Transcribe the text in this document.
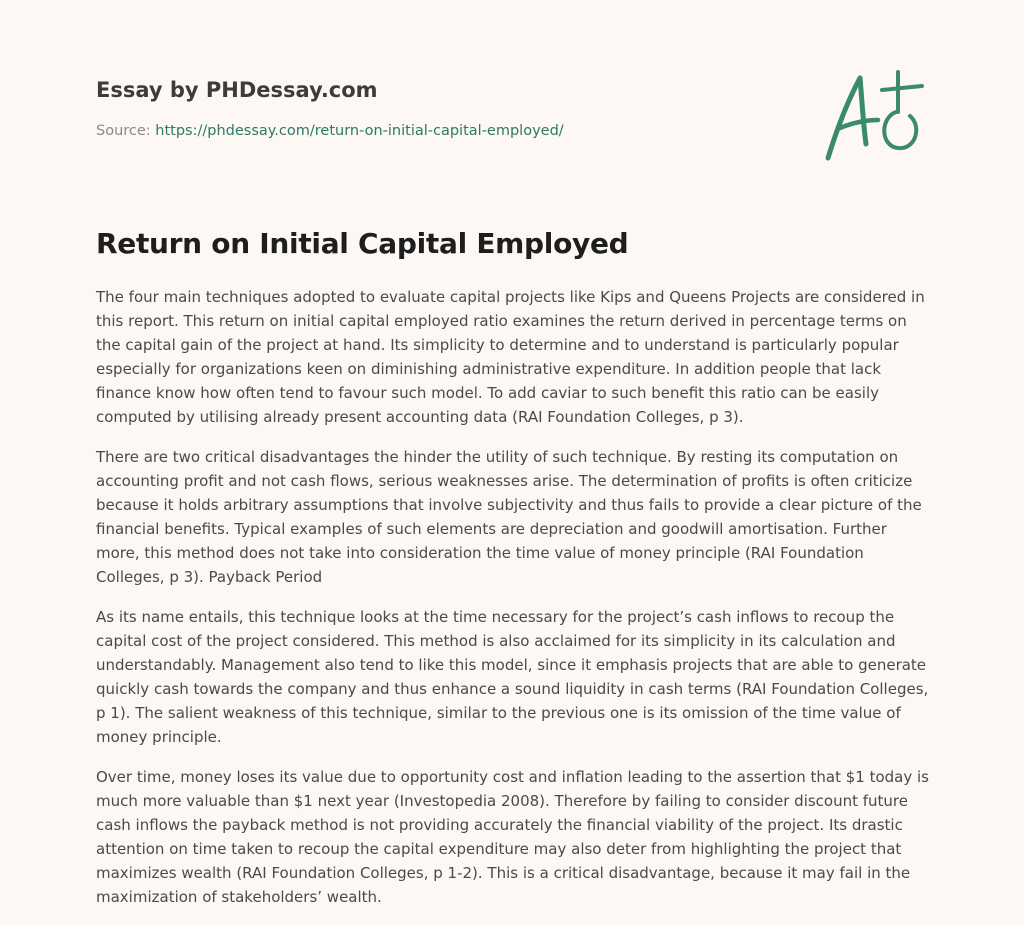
Essay by PHDessay.com
Source: https://phdessay.com/return-on-initial-capital-employed/
Return on Initial Capital Employed

The four main techniques adopted to evaluate capital projects like Kips and Queens Projects are considered in this report. This return on initial capital employed ratio examines the return derived in percentage terms on the capital gain of the project at hand. Its simplicity to determine and to understand is particularly popular especially for organizations keen on diminishing administrative expenditure. In addition people that lack finance know how often tend to favour such model. To add caviar to such benefit this ratio can be easily computed by utilising already present accounting data (RAI Foundation Colleges, p 3).

There are two critical disadvantages the hinder the utility of such technique. By resting its computation on accounting profit and not cash flows, serious weaknesses arise. The determination of profits is often criticize because it holds arbitrary assumptions that involve subjectivity and thus fails to provide a clear picture of the financial benefits. Typical examples of such elements are depreciation and goodwill amortisation. Further more, this method does not take into consideration the time value of money principle (RAI Foundation Colleges, p 3). Payback Period

As its name entails, this technique looks at the time necessary for the project’s cash inflows to recoup the capital cost of the project considered. This method is also acclaimed for its simplicity in its calculation and understandably. Management also tend to like this model, since it emphasis projects that are able to generate quickly cash towards the company and thus enhance a sound liquidity in cash terms (RAI Foundation Colleges, p 1). The salient weakness of this technique, similar to the previous one is its omission of the time value of money principle.

Over time, money loses its value due to opportunity cost and inflation leading to the assertion that $1 today is much more valuable than $1 next year (Investopedia 2008). Therefore by failing to consider discount future cash inflows the payback method is not providing accurately the financial viability of the project. Its drastic attention on time taken to recoup the capital expenditure may also deter from highlighting the project that maximizes wealth (RAI Foundation Colleges, p 1-2). This is a critical disadvantage, because it may fail in the maximization of stakeholders’ wealth.
